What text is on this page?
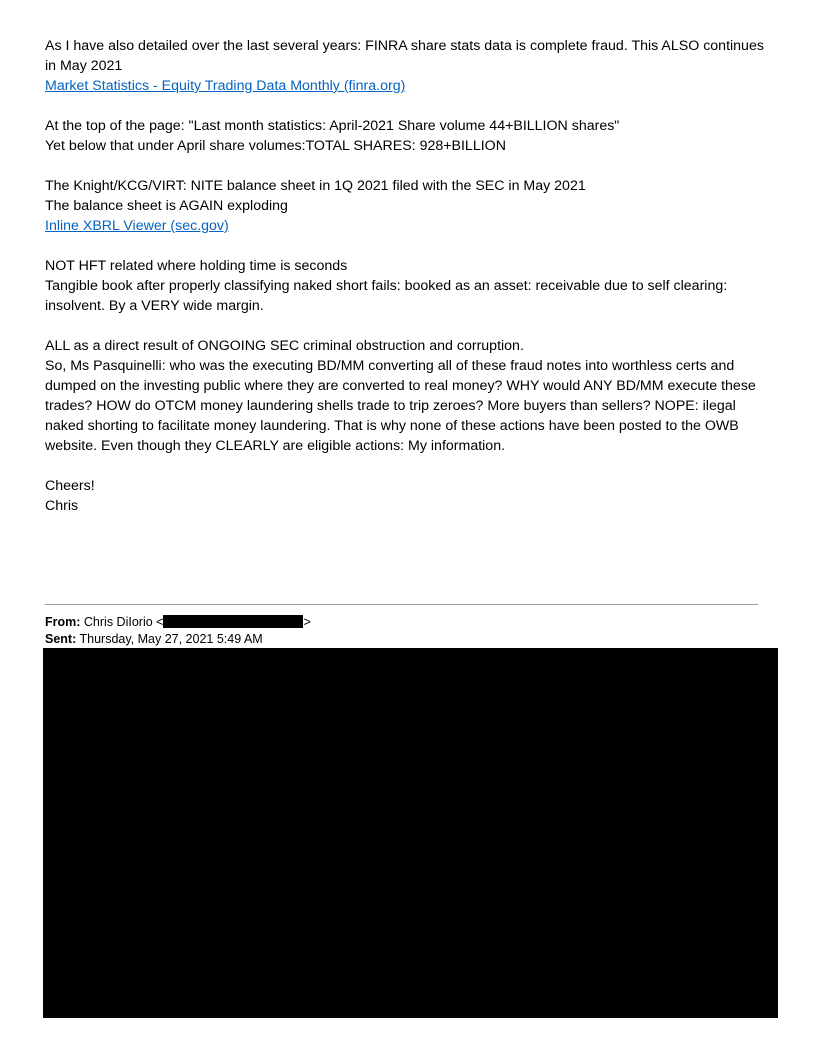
As I have also detailed over the last several years: FINRA share stats data is complete fraud. This ALSO continues in May 2021
Market Statistics - Equity Trading Data Monthly (finra.org)

At the top of the page: "Last month statistics: April-2021 Share volume 44+BILLION shares"
Yet below that under April share volumes:TOTAL SHARES: 928+BILLION

The Knight/KCG/VIRT: NITE balance sheet in 1Q 2021 filed with the SEC in May 2021
The balance sheet is AGAIN exploding
Inline XBRL Viewer (sec.gov)

NOT HFT related where holding time is seconds
Tangible book after properly classifying naked short fails: booked as an asset: receivable due to self clearing: insolvent. By a VERY wide margin.

ALL as a direct result of ONGOING SEC criminal obstruction and corruption.
So, Ms Pasquinelli: who was the executing BD/MM converting all of these fraud notes into worthless certs and dumped on the investing public where they are converted to real money? WHY would ANY BD/MM execute these trades? HOW do OTCM money laundering shells trade to trip zeroes? More buyers than sellers? NOPE: ilegal naked shorting to facilitate money laundering. That is why none of these actions have been posted to the OWB website. Even though they CLEARLY are eligible actions: My information.

Cheers!
Chris

From: Chris DiIorio <	>
Sent: Thursday, May 27, 2021 5:49 AM
